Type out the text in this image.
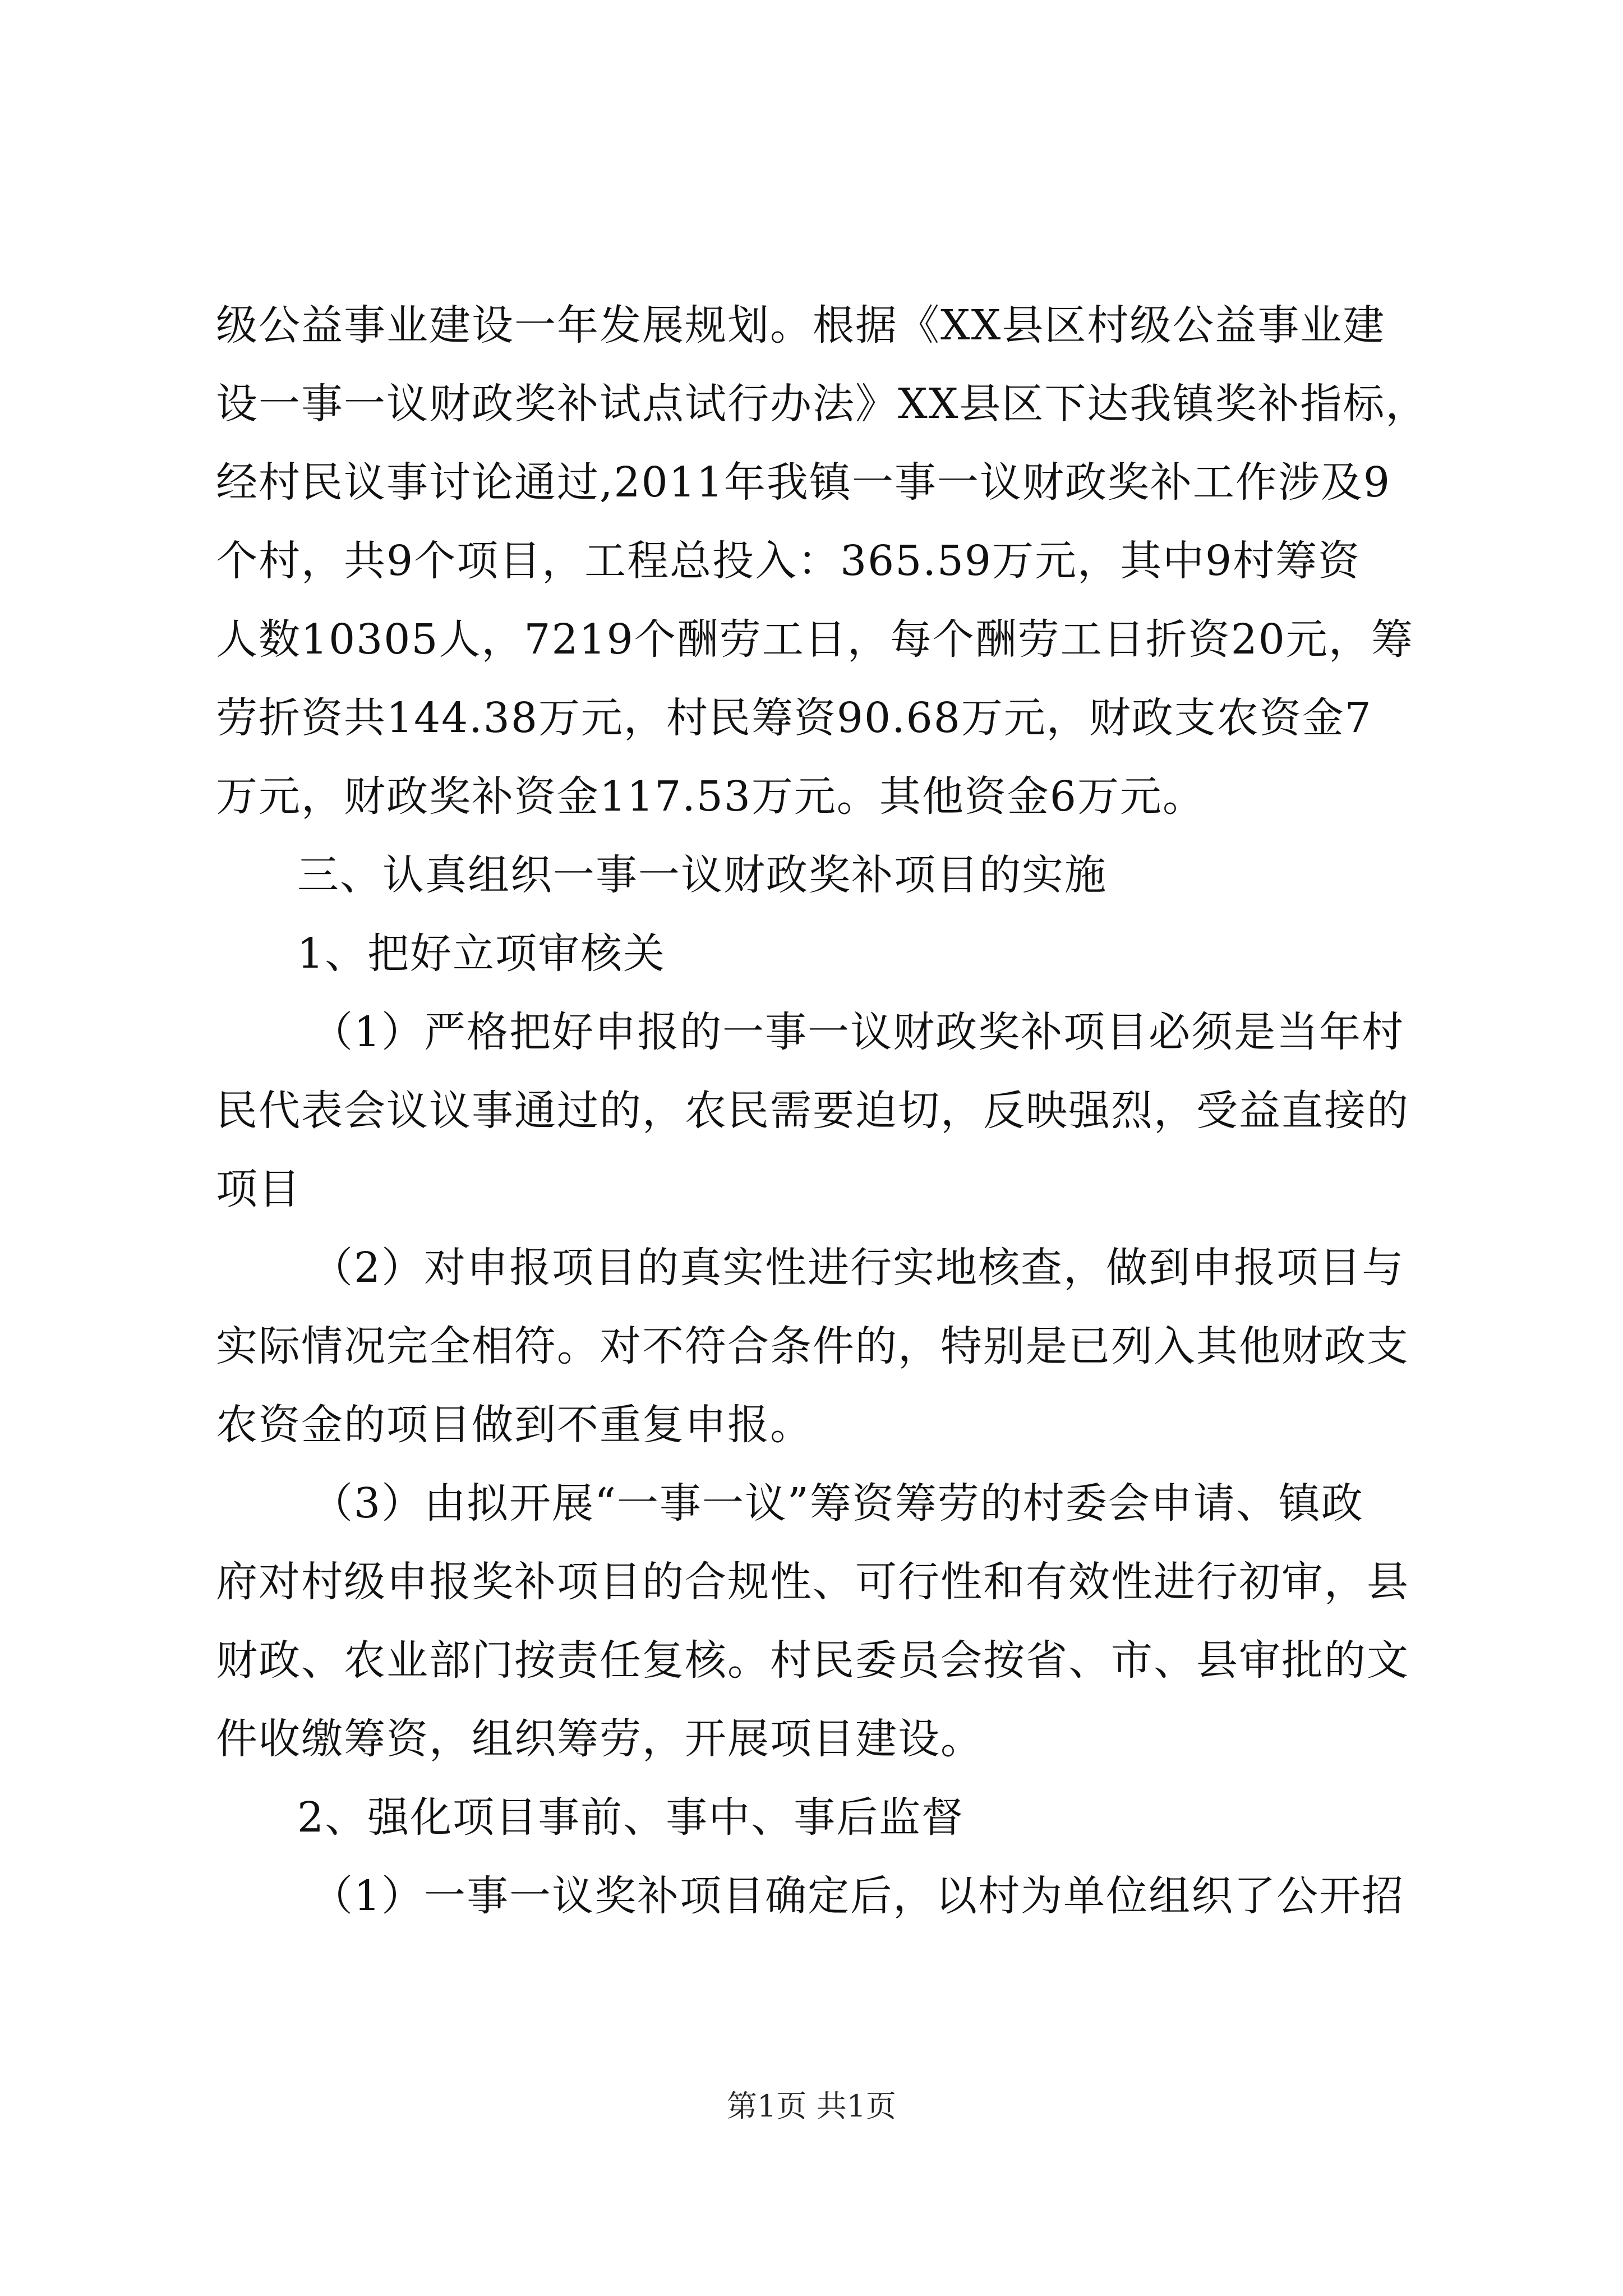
级公益事业建设一年发展规划。根据《XX县区村级公益事业建
设一事一议财政奖补试点试行办法》XX县区下达我镇奖补指标，
经村民议事讨论通过,2011年我镇一事一议财政奖补工作涉及9
个村，共9个项目，工程总投入：365.59万元，其中9村筹资
人数10305人，7219个酬劳工日，每个酬劳工日折资20元，筹
劳折资共144.38万元，村民筹资90.68万元，财政支农资金7
万元，财政奖补资金117.53万元。其他资金6万元。
三、认真组织一事一议财政奖补项目的实施
1、把好立项审核关
（1）严格把好申报的一事一议财政奖补项目必须是当年村
民代表会议议事通过的，农民需要迫切，反映强烈，受益直接的
项目
（2）对申报项目的真实性进行实地核查，做到申报项目与
实际情况完全相符。对不符合条件的，特别是已列入其他财政支
农资金的项目做到不重复申报。
（3）由拟开展“一事一议”筹资筹劳的村委会申请、镇政
府对村级申报奖补项目的合规性、可行性和有效性进行初审，县
财政、农业部门按责任复核。村民委员会按省、市、县审批的文
件收缴筹资，组织筹劳，开展项目建设。
2、强化项目事前、事中、事后监督
（1）一事一议奖补项目确定后，以村为单位组织了公开招
第1页 共1页
